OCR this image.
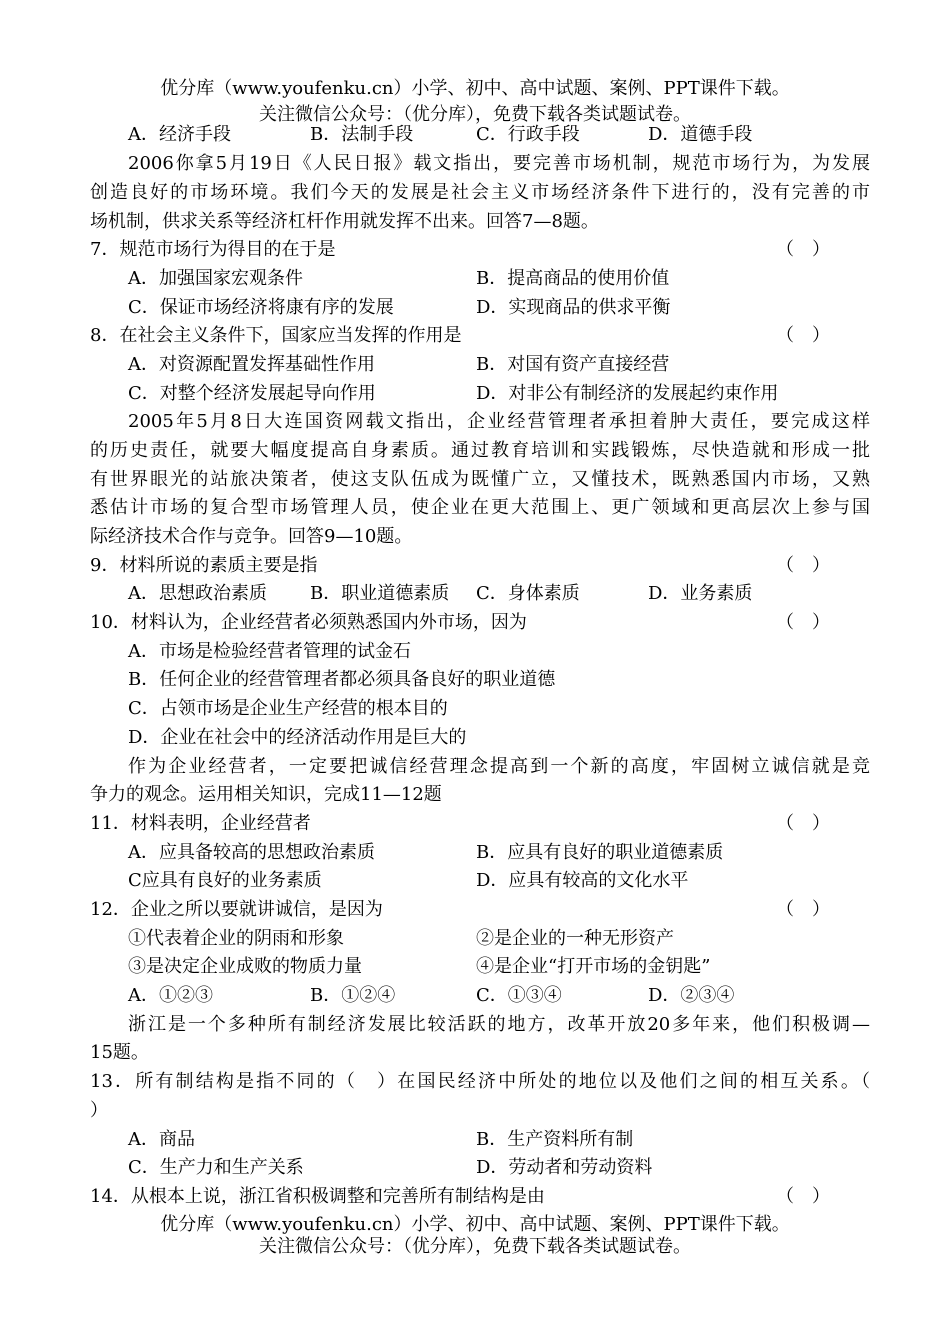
优分库（www.youfenku.cn）小学、初中、高中试题、案例、PPT课件下载。
关注微信公众号：（优分库），免费下载各类试题试卷。
A．经济手段	B．法制手段	C．行政手段	D．道德手段
2006你拿5月19日《人民日报》载文指出，要完善市场机制，规范市场行为，为发展
创造良好的市场环境。我们今天的发展是社会主义市场经济条件下进行的，没有完善的市
场机制，供求关系等经济杠杆作用就发挥不出来。回答7—8题。
7．规范市场行为得目的在于是	（　）
A．加强国家宏观条件	B．提高商品的使用价值
C．保证市场经济将康有序的发展	D．实现商品的供求平衡
8．在社会主义条件下，国家应当发挥的作用是	（　）
A．对资源配置发挥基础性作用	B．对国有资产直接经营
C．对整个经济发展起导向作用	D．对非公有制经济的发展起约束作用
2005年5月8日大连国资网载文指出，企业经营管理者承担着肿大责任，要完成这样
的历史责任，就要大幅度提高自身素质。通过教育培训和实践锻炼，尽快造就和形成一批
有世界眼光的站旅决策者，使这支队伍成为既懂广立，又懂技术，既熟悉国内市场，又熟
悉估计市场的复合型市场管理人员，使企业在更大范围上、更广领域和更高层次上参与国
际经济技术合作与竞争。回答9—10题。
9．材料所说的素质主要是指	（　）
A．思想政治素质 B．职业道德素质 C．身体素质	D．业务素质
10．材料认为，企业经营者必须熟悉国内外市场，因为	（　）
A．市场是检验经营者管理的试金石
B．任何企业的经营管理者都必须具备良好的职业道德
C．占领市场是企业生产经营的根本目的
D．企业在社会中的经济活动作用是巨大的
作为企业经营者，一定要把诚信经营理念提高到一个新的高度，牢固树立诚信就是竞
争力的观念。运用相关知识，完成11—12题
11．材料表明，企业经营者	（　）
A．应具备较高的思想政治素质	B．应具有良好的职业道德素质
C应具有良好的业务素质	D．应具有较高的文化水平
12．企业之所以要就讲诚信，是因为	（　）
①代表着企业的阴雨和形象	②是企业的一种无形资产
③是决定企业成败的物质力量	④是企业“打开市场的金钥匙”
A．①②③	B．①②④	C．①③④	D．②③④
浙江是一个多种所有制经济发展比较活跃的地方，改革开放20多年来，他们积极调—
15题。
13．所有制结构是指不同的（　）在国民经济中所处的地位以及他们之间的相互关系。（
）
A．商品	B．生产资料所有制
C．生产力和生产关系	D．劳动者和劳动资料
14．从根本上说，浙江省积极调整和完善所有制结构是由	（　）
优分库（www.youfenku.cn）小学、初中、高中试题、案例、PPT课件下载。
关注微信公众号：（优分库），免费下载各类试题试卷。
